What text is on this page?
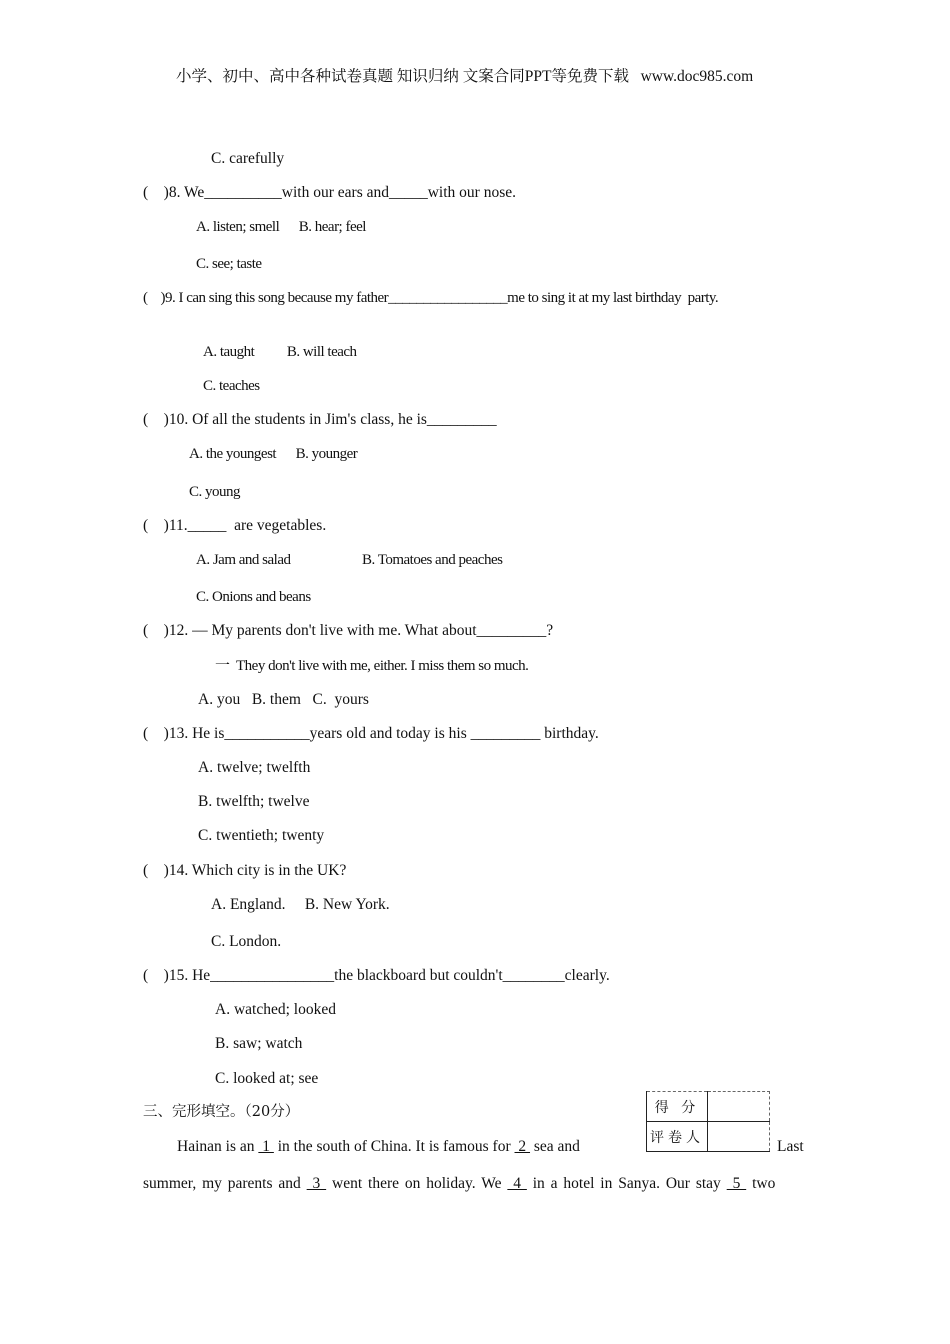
小学、初中、高中各种试卷真题 知识归纳 文案合同PPT等免费下载   www.doc985.com
C. carefully
(    )8. We__________with our ears and_____with our nose.
A. listen; smell      B. hear; feel
C. see; taste
(    )9. I can sing this song because my father_________________me to sing it at my last birthday  party.
A. taught          B. will teach
C. teaches
(    )10. Of all the students in Jim's class, he is_________
A. the youngest      B. younger
C. young
(    )11._____  are vegetables.
A. Jam and salad                      B. Tomatoes and peaches
C. Onions and beans
(    )12. — My parents don't live with me. What about_________?
一  They don't live with me, either. I miss them so much.
A. you   B. them   C.  yours
(    )13. He is___________years old and today is his _________ birthday.
A. twelve; twelfth
B. twelfth; twelve
C. twentieth; twenty
(    )14. Which city is in the UK?
A. England.     B. New York.
C. London.
(    )15. He________________the blackboard but couldn't________clearly.
A. watched; looked
B. saw; watch
C. looked at; see
三、完形填空。（20分）	得 分	
评卷人	
Hainan is an  1  in the south of China. It is famous for  2  sea and	Last
summer, my parents and  3  went there on holiday. We  4  in a hotel in Sanya. Our stay  5  two
